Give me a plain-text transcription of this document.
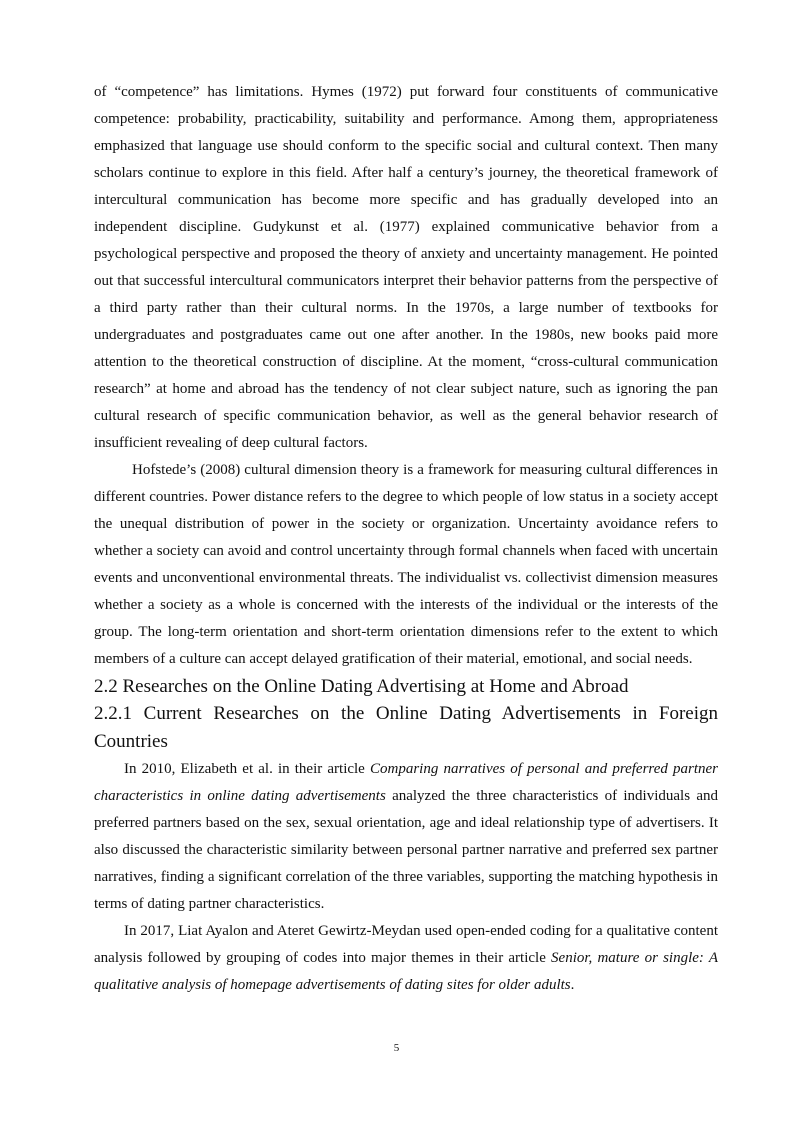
of “competence” has limitations. Hymes (1972) put forward four constituents of communicative competence: probability, practicability, suitability and performance. Among them, appropriateness emphasized that language use should conform to the specific social and cultural context. Then many scholars continue to explore in this field. After half a century’s journey, the theoretical framework of intercultural communication has become more specific and has gradually developed into an independent discipline. Gudykunst et al. (1977) explained communicative behavior from a psychological perspective and proposed the theory of anxiety and uncertainty management. He pointed out that successful intercultural communicators interpret their behavior patterns from the perspective of a third party rather than their cultural norms. In the 1970s, a large number of textbooks for undergraduates and postgraduates came out one after another. In the 1980s, new books paid more attention to the theoretical construction of discipline. At the moment, “cross-cultural communication research” at home and abroad has the tendency of not clear subject nature, such as ignoring the pan cultural research of specific communication behavior, as well as the general behavior research of insufficient revealing of deep cultural factors.

Hofstede’s (2008) cultural dimension theory is a framework for measuring cultural differences in different countries. Power distance refers to the degree to which people of low status in a society accept the unequal distribution of power in the society or organization. Uncertainty avoidance refers to whether a society can avoid and control uncertainty through formal channels when faced with uncertain events and unconventional environmental threats. The individualist vs. collectivist dimension measures whether a society as a whole is concerned with the interests of the individual or the interests of the group. The long-term orientation and short-term orientation dimensions refer to the extent to which members of a culture can accept delayed gratification of their material, emotional, and social needs.

2.2 Researches on the Online Dating Advertising at Home and Abroad
2.2.1 Current Researches on the Online Dating Advertisements in Foreign Countries

In 2010, Elizabeth et al. in their article Comparing narratives of personal and preferred partner characteristics in online dating advertisements analyzed the three characteristics of individuals and preferred partners based on the sex, sexual orientation, age and ideal relationship type of advertisers. It also discussed the characteristic similarity between personal partner narrative and preferred sex partner narratives, finding a significant correlation of the three variables, supporting the matching hypothesis in terms of dating partner characteristics.

In 2017, Liat Ayalon and Ateret Gewirtz-Meydan used open-ended coding for a qualitative content analysis followed by grouping of codes into major themes in their article Senior, mature or single: A qualitative analysis of homepage advertisements of dating sites for older adults.

5
